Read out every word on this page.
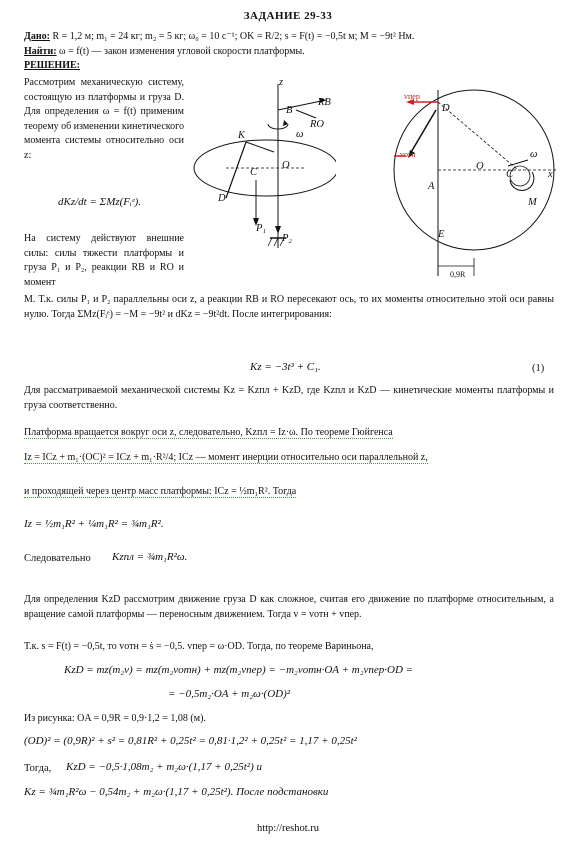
ЗАДАНИЕ 29-33
Дано: R = 1,2 м; m₁ = 24 кг; m₂ = 5 кг; ω₀ = 10 с⁻¹; OK = R/2; s = F(t) = −0,5t м; M = −9t² Нм.
Найти: ω = f(t) — закон изменения угловой скорости платформы.
РЕШЕНИЕ:
Рассмотрим механическую систему, состоящую из платформы и груза D. Для определения ω = f(t) применим теорему об изменении кинетического момента системы относительно оси z:
dKz/dt = ΣMz(Fᵢᵉ).
На систему действуют внешние силы: силы тяжести платформы и груза P₁ и P₂, реакции RB и RO и момент
z
K
O
C
D
B
P₁
P₂
RB
RO
ω
vпер
D
vотн
A
O
C
ω
M
E
x
0,9R
M. Т.к. силы P₁ и P₂ параллельны оси z, а реакции RB и RO пересекают ось, то их моменты относительно этой оси равны нулю. Тогда ΣMz(Fᵢᵉ) = −M = −9t² и dKz = −9t²dt. После интегрирования:
Kz = −3t³ + C₁.	(1)
Для рассматриваемой механической системы Kz = Kzпл + KzD, где Kzпл и KzD — кинетические моменты платформы и груза соответственно.
Платформа вращается вокруг оси z, следовательно, Kzпл = Iz·ω. По теореме Гюйгенса
Iz = ICz + m₁·(OC)² = ICz + m₁·R²/4; ICz — момент инерции относительно оси параллельной z,
и проходящей через центр масс платформы: ICz = ½m₁R². Тогда
Iz = ½m₁R² + ¼m₁R² = ¾m₁R².
Следовательно Kzпл = ¾m₁R²ω.
Для определения KzD рассмотрим движение груза D как сложное, считая его движение по платформе относительным, а вращение самой платформы — переносным движением. Тогда v = vотн + vпер.
Т.к. s = F(t) = −0,5t, то vотн = ṡ = −0,5. vпер = ω·OD. Тогда, по теореме Вариньона,
KzD = mz(m₂v) = mz(m₂vотн) + mz(m₂vпер) = −m₂vотн·OA + m₂vпер·OD =
= −0,5m₂·OA + m₂ω·(OD)²
Из рисунка: OA = 0,9R = 0,9·1,2 = 1,08 (м).
(OD)² = (0,9R)² + s² = 0,81R² + 0,25t² = 0,81·1,2² + 0,25t² = 1,17 + 0,25t²
Тогда, KzD = −0,5·1,08m₂ + m₂ω·(1,17 + 0,25t²) и
Kz = ¾m₁R²ω − 0,54m₂ + m₂ω·(1,17 + 0,25t²). После подстановки
http://reshot.ru
